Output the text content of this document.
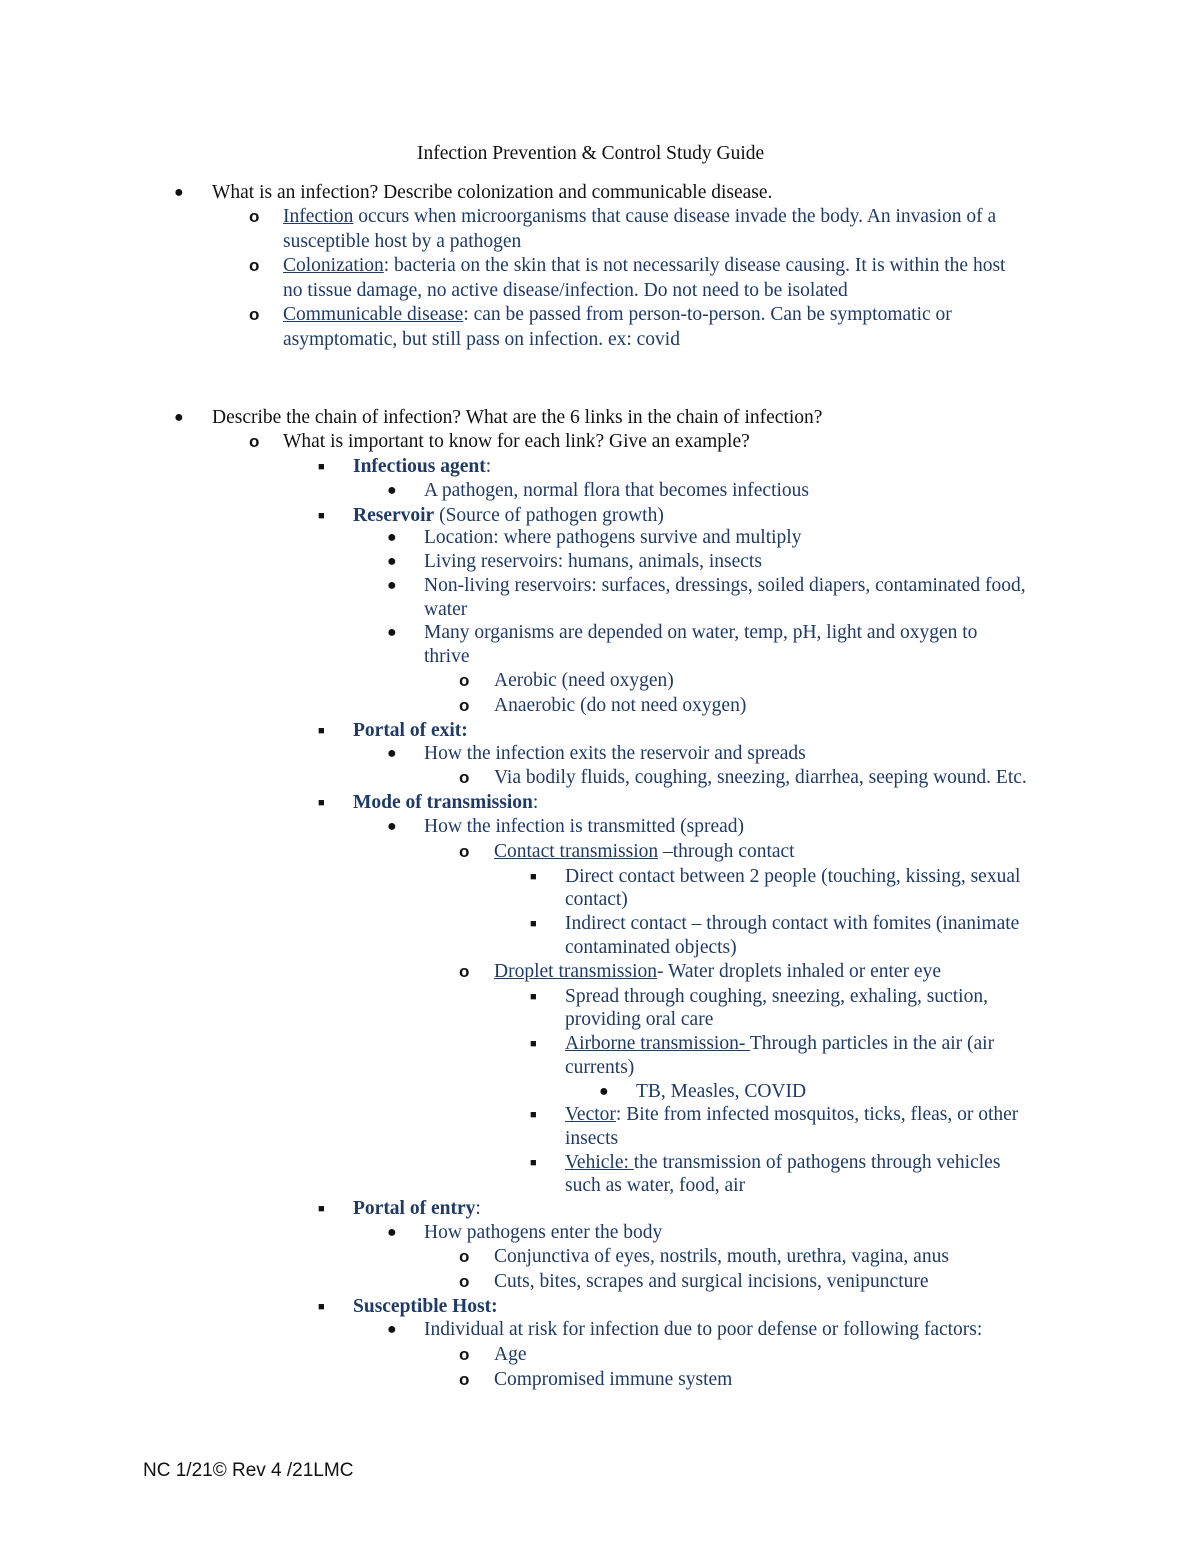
Infection Prevention & Control Study Guide
● What is an infection? Describe colonization and communicable disease.
o Infection occurs when microorganisms that cause disease invade the body. An invasion of a
susceptible host by a pathogen
o Colonization: bacteria on the skin that is not necessarily disease causing. It is within the host
no tissue damage, no active disease/infection. Do not need to be isolated
o Communicable disease: can be passed from person-to-person. Can be symptomatic or
asymptomatic, but still pass on infection. ex: covid
● Describe the chain of infection? What are the 6 links in the chain of infection?
o What is important to know for each link? Give an example?
■ Infectious agent:
● A pathogen, normal flora that becomes infectious
■ Reservoir (Source of pathogen growth)
● Location: where pathogens survive and multiply
● Living reservoirs: humans, animals, insects
● Non-living reservoirs: surfaces, dressings, soiled diapers, contaminated food,
water
● Many organisms are depended on water, temp, pH, light and oxygen to
thrive
o Aerobic (need oxygen)
o Anaerobic (do not need oxygen)
■ Portal of exit:
● How the infection exits the reservoir and spreads
o Via bodily fluids, coughing, sneezing, diarrhea, seeping wound. Etc.
■ Mode of transmission:
● How the infection is transmitted (spread)
o Contact transmission –through contact
■ Direct contact between 2 people (touching, kissing, sexual
contact)
■ Indirect contact – through contact with fomites (inanimate
contaminated objects)
o Droplet transmission- Water droplets inhaled or enter eye
■ Spread through coughing, sneezing, exhaling, suction,
providing oral care
■ Airborne transmission- Through particles in the air (air
currents)
● TB, Measles, COVID
■ Vector: Bite from infected mosquitos, ticks, fleas, or other
insects
■ Vehicle: the transmission of pathogens through vehicles
such as water, food, air
■ Portal of entry:
● How pathogens enter the body
o Conjunctiva of eyes, nostrils, mouth, urethra, vagina, anus
o Cuts, bites, scrapes and surgical incisions, venipuncture
■ Susceptible Host:
● Individual at risk for infection due to poor defense or following factors:
o Age
o Compromised immune system
NC 1/21© Rev 4 /21LMC
